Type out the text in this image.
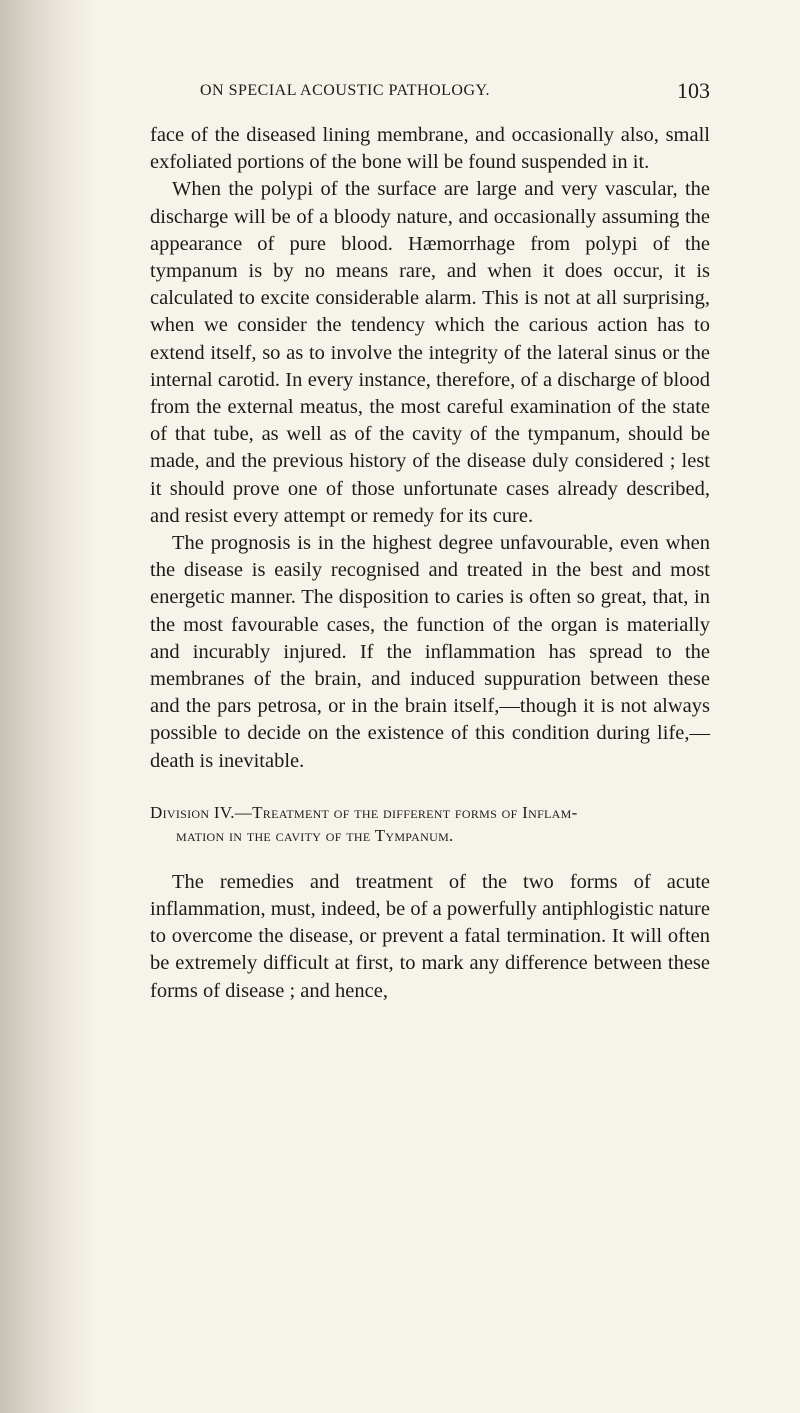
ON SPECIAL ACOUSTIC PATHOLOGY.	103

face of the diseased lining membrane, and occasionally also, small exfoliated portions of the bone will be found suspended in it.

When the polypi of the surface are large and very vascular, the discharge will be of a bloody nature, and occasionally assuming the appearance of pure blood. Hæmorrhage from polypi of the tympanum is by no means rare, and when it does occur, it is calculated to excite considerable alarm. This is not at all surprising, when we consider the tendency which the carious action has to extend itself, so as to involve the integrity of the lateral sinus or the internal carotid. In every instance, therefore, of a discharge of blood from the external meatus, the most careful examination of the state of that tube, as well as of the cavity of the tympanum, should be made, and the previous history of the disease duly considered ; lest it should prove one of those unfortunate cases already described, and resist every attempt or remedy for its cure.

The prognosis is in the highest degree unfavourable, even when the disease is easily recognised and treated in the best and most energetic manner. The disposition to caries is often so great, that, in the most favourable cases, the function of the organ is materially and incurably injured. If the inflammation has spread to the membranes of the brain, and induced suppuration between these and the pars petrosa, or in the brain itself,—though it is not always possible to decide on the existence of this condition during life,—death is inevitable.

Division IV.—Treatment of the different forms of Inflam-
mation in the cavity of the Tympanum.

The remedies and treatment of the two forms of acute inflammation, must, indeed, be of a powerfully antiphlogistic nature to overcome the disease, or prevent a fatal termination. It will often be extremely difficult at first, to mark any difference between these forms of disease ; and hence,
